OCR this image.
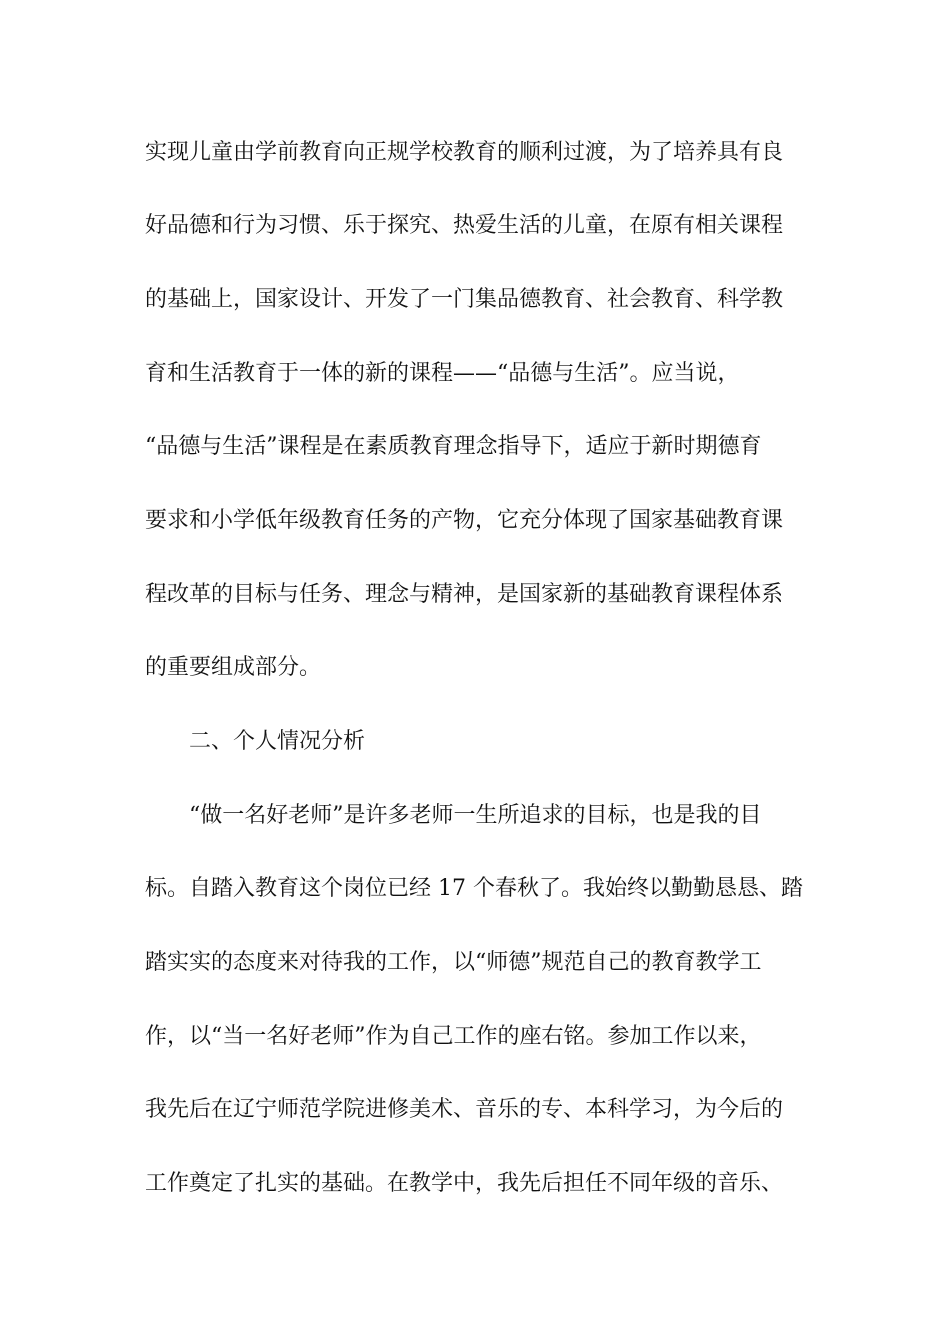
实现儿童由学前教育向正规学校教育的顺利过渡，为了培养具有良
好品德和行为习惯、乐于探究、热爱生活的儿童，在原有相关课程
的基础上，国家设计、开发了一门集品德教育、社会教育、科学教
育和生活教育于一体的新的课程——“品德与生活”。应当说，
“品德与生活”课程是在素质教育理念指导下，适应于新时期德育
要求和小学低年级教育任务的产物，它充分体现了国家基础教育课
程改革的目标与任务、理念与精神，是国家新的基础教育课程体系
的重要组成部分。
二、个人情况分析
“做一名好老师”是许多老师一生所追求的目标，也是我的目
标。自踏入教育这个岗位已经 17 个春秋了。我始终以勤勤恳恳、踏
踏实实的态度来对待我的工作，以“师德”规范自己的教育教学工
作，以“当一名好老师”作为自己工作的座右铭。参加工作以来，
我先后在辽宁师范学院进修美术、音乐的专、本科学习，为今后的
工作奠定了扎实的基础。在教学中，我先后担任不同年级的音乐、
